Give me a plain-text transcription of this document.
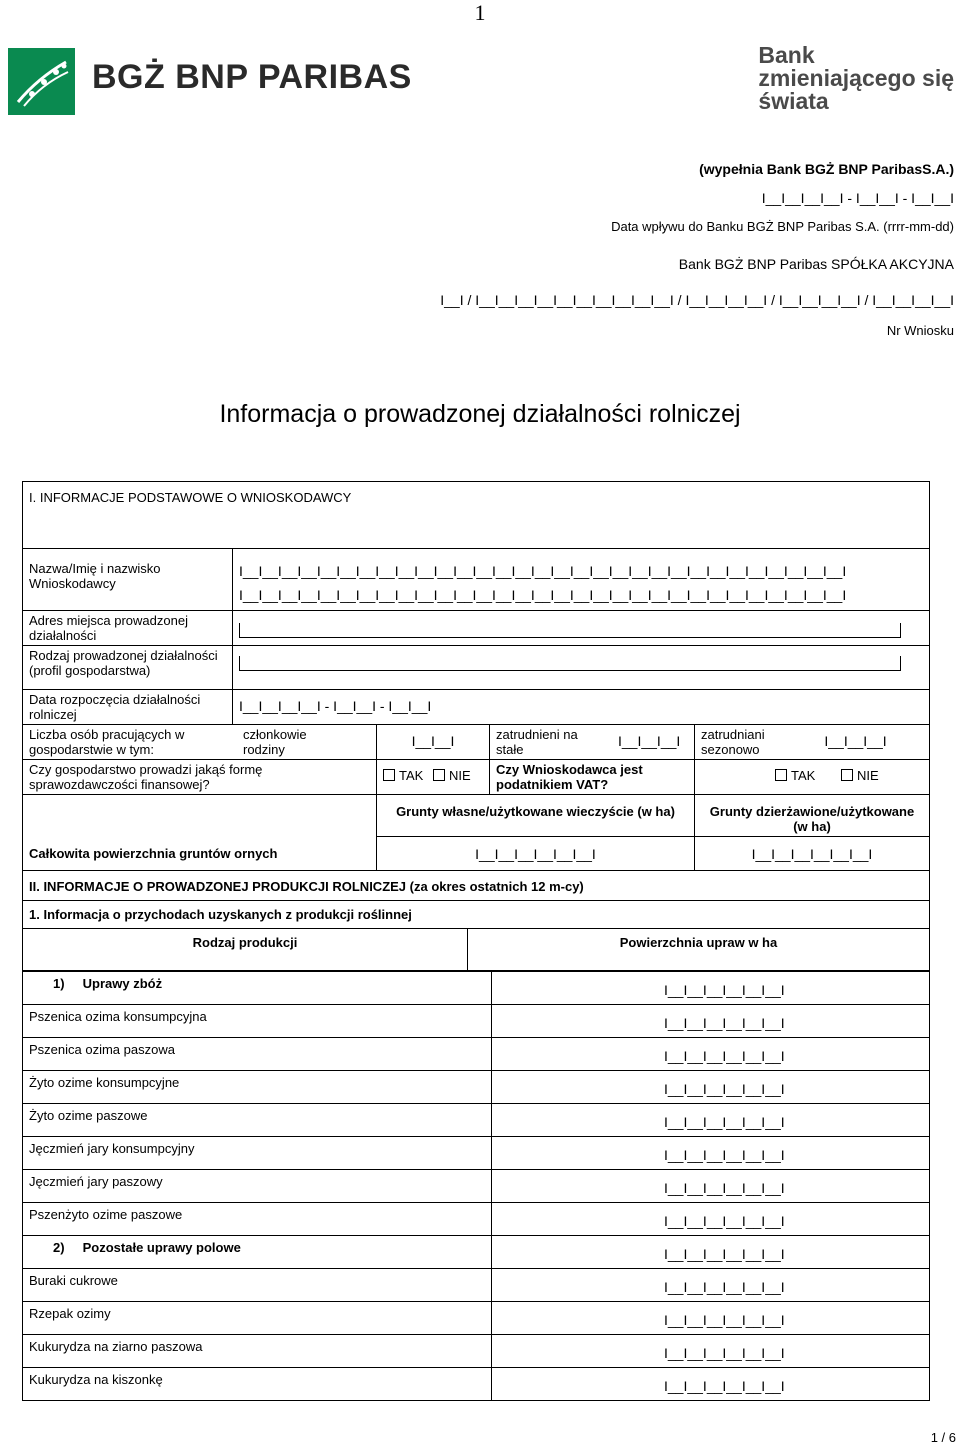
1
BGŻ BNP PARIBAS
Bank
zmieniającego się
świata
(wypełnia Bank BGŻ BNP ParibasS.A.)
I__I__I__I__I - I__I__I - I__I__I
Data wpływu do Banku BGŻ BNP Paribas S.A. (rrrr-mm-dd)
Bank BGŻ BNP Paribas SPÓŁKA AKCYJNA
I__I / I__I__I__I__I__I__I__I__I__I__I / I__I__I__I__I / I__I__I__I__I / I__I__I__I__I
Nr Wniosku
Informacja o prowadzonej działalności rolniczej
I. INFORMACJE PODSTAWOWE O WNIOSKODAWCY						
Nazwa/Imię i nazwisko Wnioskodawcy	I__I__I__I__I__I__I__I__I__I__I__I__I__I__I__I__I__I__I__I__I__I__I__I__I__I__I__I__I__I__I__I
I__I__I__I__I__I__I__I__I__I__I__I__I__I__I__I__I__I__I__I__I__I__I__I__I__I__I__I__I__I__I__I					

Adres miejsca prowadzonej działalności						

Rodzaj prowadzonej działalności (profil gospodarstwa)						

Data rozpoczęcia działalności rolniczej	I__I__I__I__I - I__I__I - I__I__I					
Liczba osób pracujących w gospodarstwie w tym:
członkowie rodziny		I__I__I	zatrudnieni na stałe	I__I__I__I	zatrudniani sezonowo	I__I__I__I
Czy gospodarstwo prowadzi jakąś formę sprawozdawczości finansowej?		TAK NIE	Czy Wnioskodawca jest podatnikiem VAT?		TAK NIE	
		Grunty własne/użytkowane wieczyście (w ha)			Grunty dzierżawione/użytkowane (w ha)	
Całkowita powierzchnia gruntów ornych		I__I__I__I__I__I__I			I__I__I__I__I__I__I	
II. INFORMACJE O PROWADZONEJ PRODUKCJI ROLNICZEJ (za okres ostatnich 12 m-cy)
1. Informacja o przychodach uzyskanych z produkcji roślinnej
Rodzaj produkcji	Powierzchnia upraw w ha
1)     Uprawy zbóż	I__I__I__I__I__I__I
Pszenica ozima konsumpcyjna	I__I__I__I__I__I__I
Pszenica ozima paszowa	I__I__I__I__I__I__I
Żyto ozime konsumpcyjne	I__I__I__I__I__I__I
Żyto ozime paszowe	I__I__I__I__I__I__I
Jęczmień jary konsumpcyjny	I__I__I__I__I__I__I
Jęczmień jary paszowy	I__I__I__I__I__I__I
Pszenżyto ozime paszowe	I__I__I__I__I__I__I
2)     Pozostałe uprawy polowe	I__I__I__I__I__I__I
Buraki cukrowe	I__I__I__I__I__I__I
Rzepak ozimy	I__I__I__I__I__I__I
Kukurydza na ziarno paszowa	I__I__I__I__I__I__I
Kukurydza na kiszonkę	I__I__I__I__I__I__I
1 / 6
